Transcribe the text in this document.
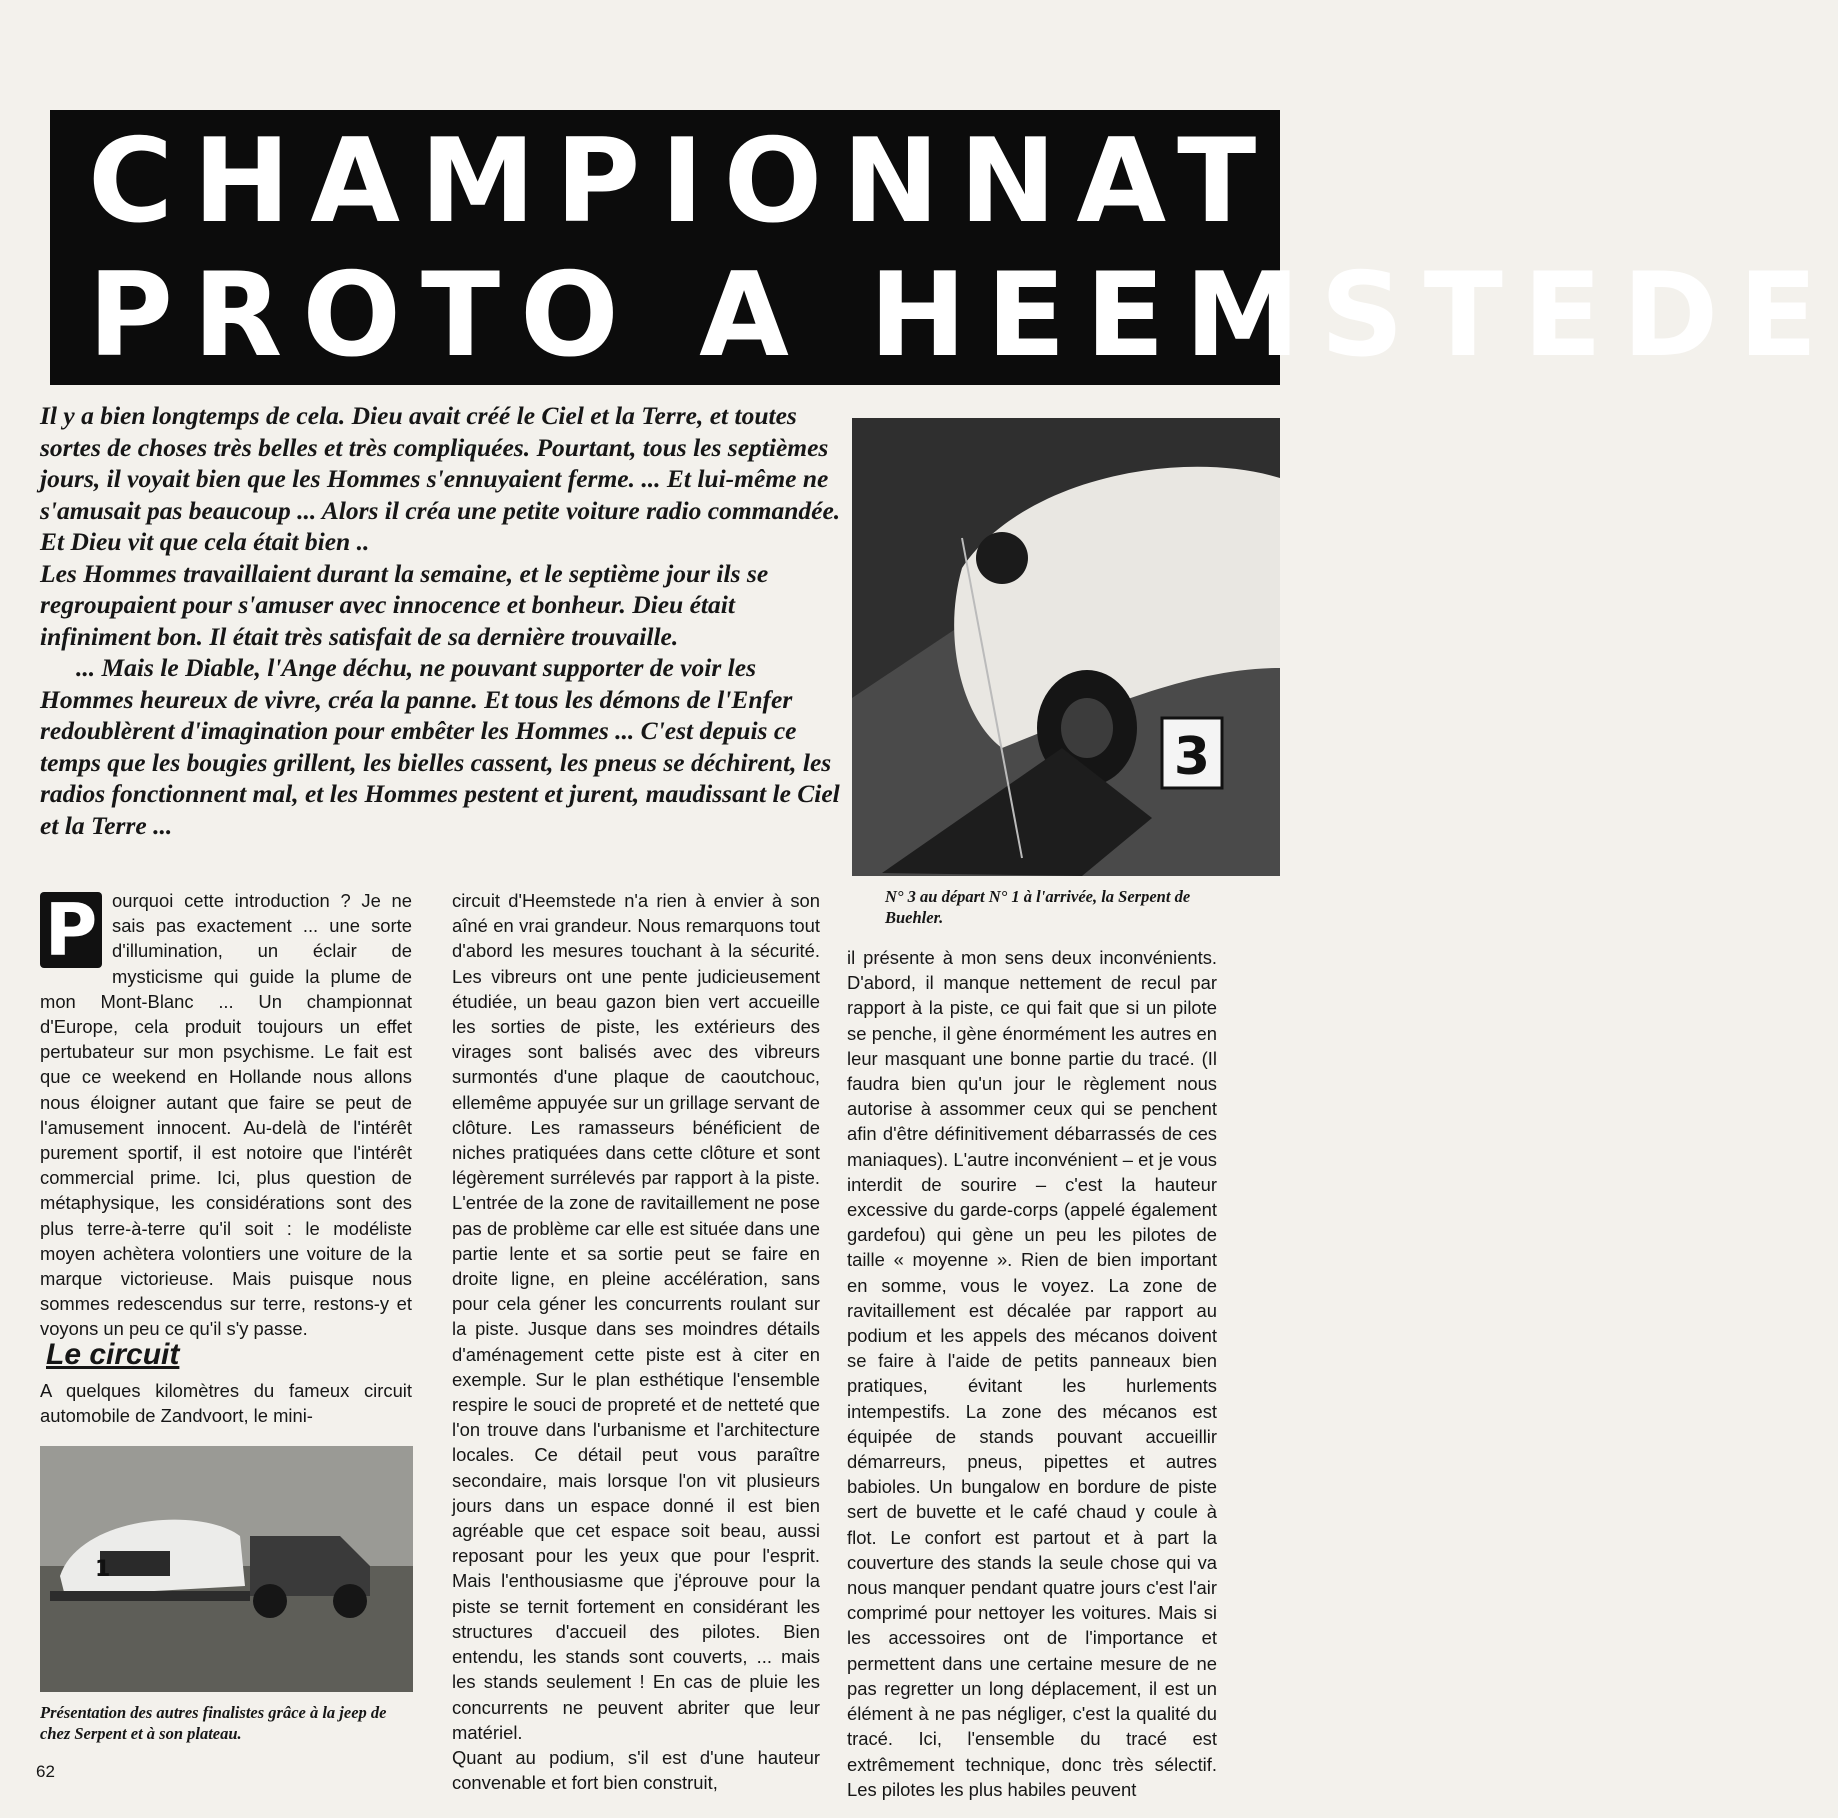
CHAMPIONNAT
PROTO A HEEMSTEDE

Il y a bien longtemps de cela. Dieu avait créé le Ciel et la Terre, et toutes sortes de choses très belles et très compliquées. Pourtant, tous les septièmes jours, il voyait bien que les Hommes s'ennuyaient ferme. ... Et lui-même ne s'amusait pas beaucoup ... Alors il créa une petite voiture radio commandée. Et Dieu vit que cela était bien ..

Les Hommes travaillaient durant la semaine, et le septième jour ils se regroupaient pour s'amuser avec innocence et bonheur. Dieu était infiniment bon. Il était très satisfait de sa dernière trouvaille.

... Mais le Diable, l'Ange déchu, ne pouvant supporter de voir les Hommes heureux de vivre, créa la panne. Et tous les démons de l'Enfer redoublèrent d'imagination pour embêter les Hommes ... C'est depuis ce temps que les bougies grillent, les bielles cassent, les pneus se déchirent, les radios fonctionnent mal, et les Hommes pestent et jurent, maudissant le Ciel et la Terre ...

3
N° 3 au départ N° 1 à l'arrivée, la Serpent de Buehler.
P ourquoi cette introduction ? Je ne sais pas exactement ... une sorte d'illumination, un éclair de mysticisme qui guide la plume de mon Mont-Blanc ... Un championnat d'Europe, cela produit toujours un effet pertubateur sur mon psychisme. Le fait est que ce weekend en Hollande nous allons nous éloigner autant que faire se peut de l'amusement innocent. Au-delà de l'intérêt purement sportif, il est notoire que l'intérêt commercial prime. Ici, plus question de métaphysique, les considérations sont des plus terre-à-terre qu'il soit : le modéliste moyen achètera volontiers une voiture de la marque victorieuse. Mais puisque nous sommes redescendus sur terre, restons-y et voyons un peu ce qu'il s'y passe.

Le circuit

A quelques kilomètres du fameux circuit automobile de Zandvoort, le mini-

1
Présentation des autres finalistes grâce à la jeep de chez Serpent et à son plateau.

circuit d'Heemstede n'a rien à envier à son aîné en vrai grandeur. Nous remarquons tout d'abord les mesures touchant à la sécurité. Les vibreurs ont une pente judicieusement étudiée, un beau gazon bien vert accueille les sorties de piste, les extérieurs des virages sont balisés avec des vibreurs surmontés d'une plaque de caoutchouc, ellemême appuyée sur un grillage servant de clôture. Les ramasseurs bénéficient de niches pratiquées dans cette clôture et sont légèrement surrélevés par rapport à la piste. L'entrée de la zone de ravitaillement ne pose pas de problème car elle est située dans une partie lente et sa sortie peut se faire en droite ligne, en pleine accélération, sans pour cela géner les concurrents roulant sur la piste. Jusque dans ses moindres détails d'aménagement cette piste est à citer en exemple. Sur le plan esthétique l'ensemble respire le souci de propreté et de netteté que l'on trouve dans l'urbanisme et l'architecture locales. Ce détail peut vous paraître secondaire, mais lorsque l'on vit plusieurs jours dans un espace donné il est bien agréable que cet espace soit beau, aussi reposant pour les yeux que pour l'esprit. Mais l'enthousiasme que j'éprouve pour la piste se ternit fortement en considérant les structures d'accueil des pilotes. Bien entendu, les stands sont couverts, ... mais les stands seulement ! En cas de pluie les concurrents ne peuvent abriter que leur matériel.

Quant au podium, s'il est d'une hauteur convenable et fort bien construit,

il présente à mon sens deux inconvénients. D'abord, il manque nettement de recul par rapport à la piste, ce qui fait que si un pilote se penche, il gène énormément les autres en leur masquant une bonne partie du tracé. (Il faudra bien qu'un jour le règlement nous autorise à assommer ceux qui se penchent afin d'être définitivement débarrassés de ces maniaques). L'autre inconvénient – et je vous interdit de sourire – c'est la hauteur excessive du garde-corps (appelé également gardefou) qui gène un peu les pilotes de taille « moyenne ». Rien de bien important en somme, vous le voyez. La zone de ravitaillement est décalée par rapport au podium et les appels des mécanos doivent se faire à l'aide de petits panneaux bien pratiques, évitant les hurlements intempestifs. La zone des mécanos est équipée de stands pouvant accueillir démarreurs, pneus, pipettes et autres babioles. Un bungalow en bordure de piste sert de buvette et le café chaud y coule à flot. Le confort est partout et à part la couverture des stands la seule chose qui va nous manquer pendant quatre jours c'est l'air comprimé pour nettoyer les voitures. Mais si les accessoires ont de l'importance et permettent dans une certaine mesure de ne pas regretter un long déplacement, il est un élément à ne pas négliger, c'est la qualité du tracé. Ici, l'ensemble du tracé est extrêmement technique, donc très sélectif. Les pilotes les plus habiles peuvent

62
